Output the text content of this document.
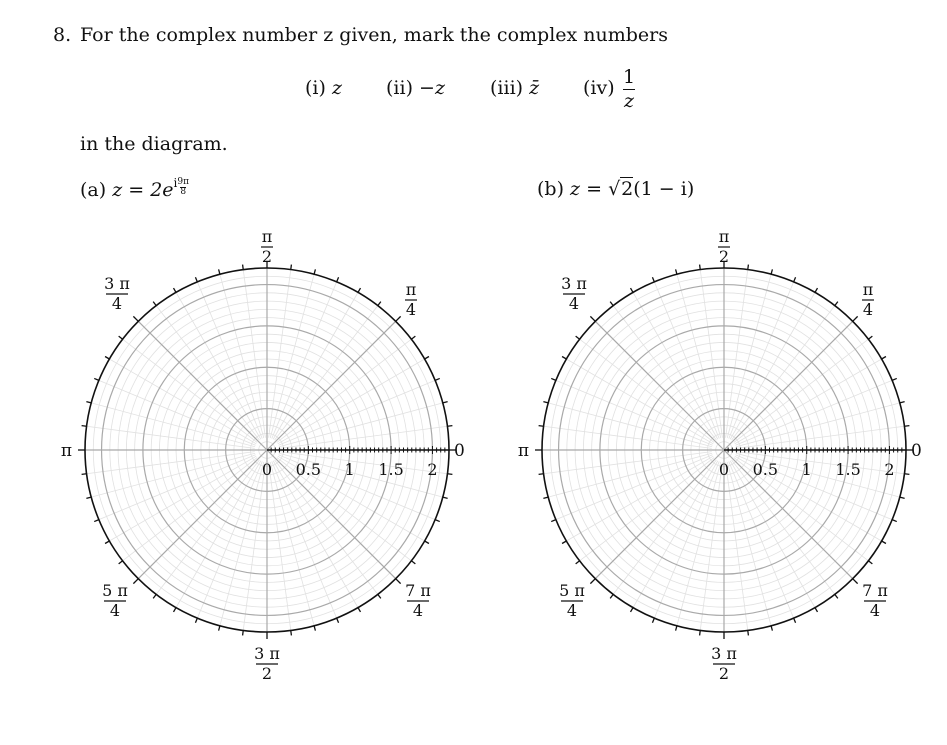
8. For the complex number z given, mark the complex numbers
(i) z (ii) −z (iii) z̄ $(iv) \frac{1}{z}$
in the diagram.
(a) $z = 2e^i \frac{9\pi}{8}$	(b) z = √2(1 − i)
0 0.5 1 1.5 2
0
π
π
2
3 π
2
π
4
3 π
4
5 π
4
7 π
4
0 0.5 1 1.5 2
0
π
π
2
3 π
2
π
4
3 π
4
5 π
4
7 π
4
